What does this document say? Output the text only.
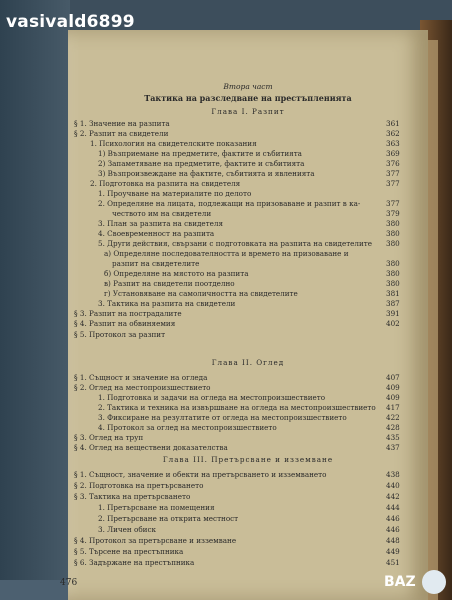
Втора част
Тактика на разследване на престъпленията
Глава I. Разпит
Глава II. Оглед
Глава III. Претърсване и изземване
§ 1. Значение на разпита	361
§ 2. Разпит на свидетели	362
1. Психология на свидетелските показания	363
1) Възприемане на предметите, фактите и събитията	369
2) Запаметяване на предметите, фактите и събитията	376
3) Възпроизвеждане на фактите, събитията и явленията	377
2. Подготовка на разпита на свидетеля	377
1. Проучване на материалите по делото
2. Определяне на лицата, подлежащи на призоваване и разпит в ка-	377
чеството им на свидетели	379
3. План за разпита на свидетеля	380
4. Своевременност на разпита	380
5. Други действия, свързани с подготовката на разпита на свидетелите 380
а) Определяне последователността и времето на призоваване и
разпит на свидетелите	380
б) Определяне на мястото на разпита	380
в) Разпит на свидетели поотделно	380
г) Установяване на самоличността на свидетелите	381
3. Тактика на разпита на свидетели	387
§ 3. Разпит на пострадалите	391
§ 4. Разпит на обвиняемия	402
§ 5. Протокол за разпит
§ 1. Същност и значение на огледа	407
§ 2. Оглед на местопроизшествието	409
1. Подготовка и задачи на огледа на местопроизшествието	409
2. Тактика и техника на извършване на огледа на местопроизшествието 417
3. Фиксиране на резултатите от огледа на местопроизшествието	422
4. Протокол за оглед на местопроизшествието	428
§ 3. Оглед на труп	435
§ 4. Оглед на веществени доказателства	437
§ 1. Същност, значение и обекти на претърсването и изземването	438
§ 2. Подготовка на претърсването	440
§ 3. Тактика на претърсването	442
1. Претърсване на помещения	444
2. Претърсване на открита местност	446
3. Личен обиск	446
§ 4. Протокол за претърсване и изземване	448
§ 5. Търсене на престъпника	449
§ 6. Задържане на престъпника	451
476
vasivald6899
BAZ
